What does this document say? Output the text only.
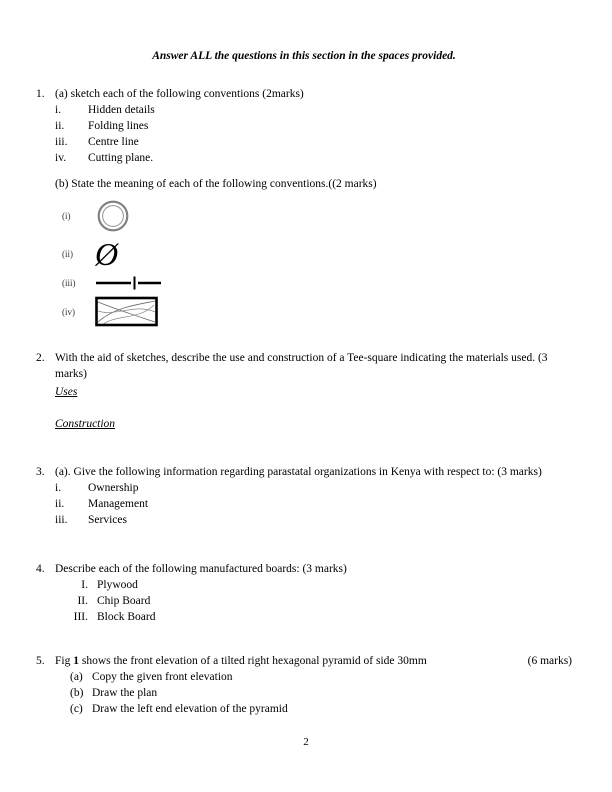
Answer ALL the questions in this section in the spaces provided.
1. (a) sketch each of the following conventions (2marks)
i.	Hidden details
ii.	Folding lines
iii.	Centre line
iv.	Cutting plane.
(b) State the meaning of each of the following conventions.((2 marks)
(i)
(ii) Ø
(iii)
(iv)
2. With the aid of sketches, describe the use and construction of a Tee-square indicating the materials used. (3 marks)
Uses
Construction
3. (a). Give the following information regarding parastatal organizations in Kenya with respect to: (3 marks)
i.	Ownership
ii.	Management
iii.	Services
4. Describe each of the following manufactured boards: (3 marks)
I. Plywood
II. Chip Board
III. Block Board
5. Fig 1 shows the front elevation of a tilted right hexagonal pyramid of side 30mm	(6 marks)
(a) Copy the given front elevation
(b) Draw the plan
(c) Draw the left end elevation of the pyramid
2
